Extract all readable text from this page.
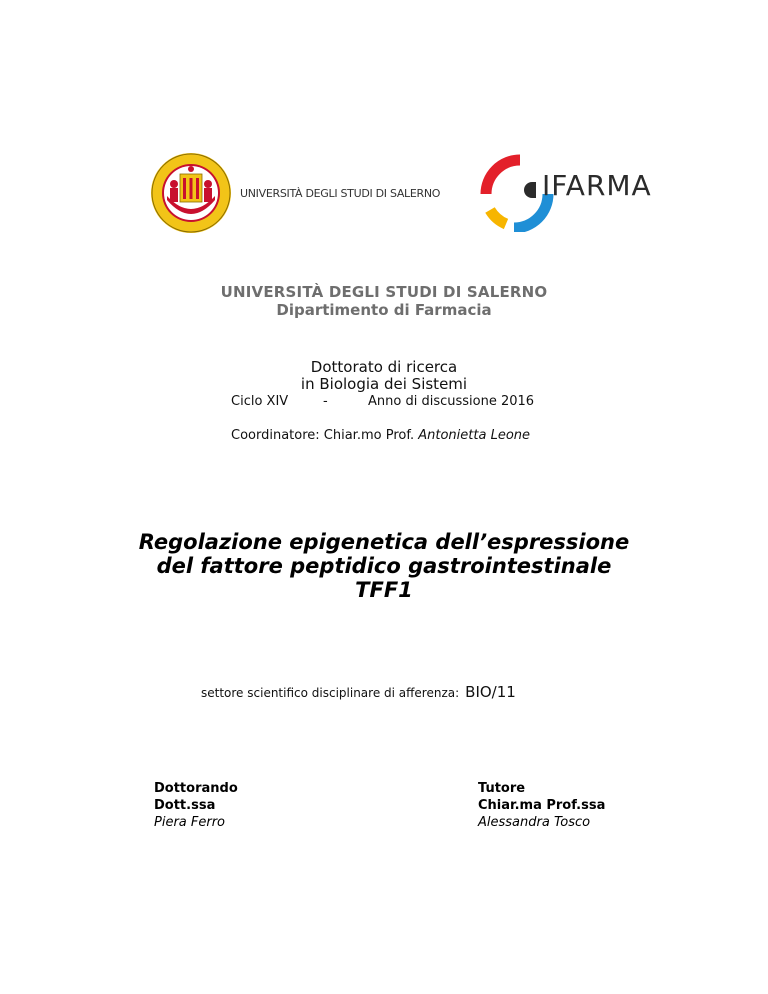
UNIVERSITÀ DEGLI STUDI DI SALERNO	IFARMA
UNIVERSITÀ DEGLI STUDI DI SALERNO
Dipartimento di Farmacia
Dottorato di ricerca
in Biologia dei Sistemi
Ciclo XIV	-	Anno di discussione 2016
Coordinatore: Chiar.mo Prof. Antonietta Leone
Regolazione epigenetica dell’espressione
del fattore peptidico gastrointestinale
TFF1
settore scientifico disciplinare di afferenza: BIO/11
Dottorando
Dott.ssa
Piera Ferro
Tutore
Chiar.ma Prof.ssa
Alessandra Tosco
